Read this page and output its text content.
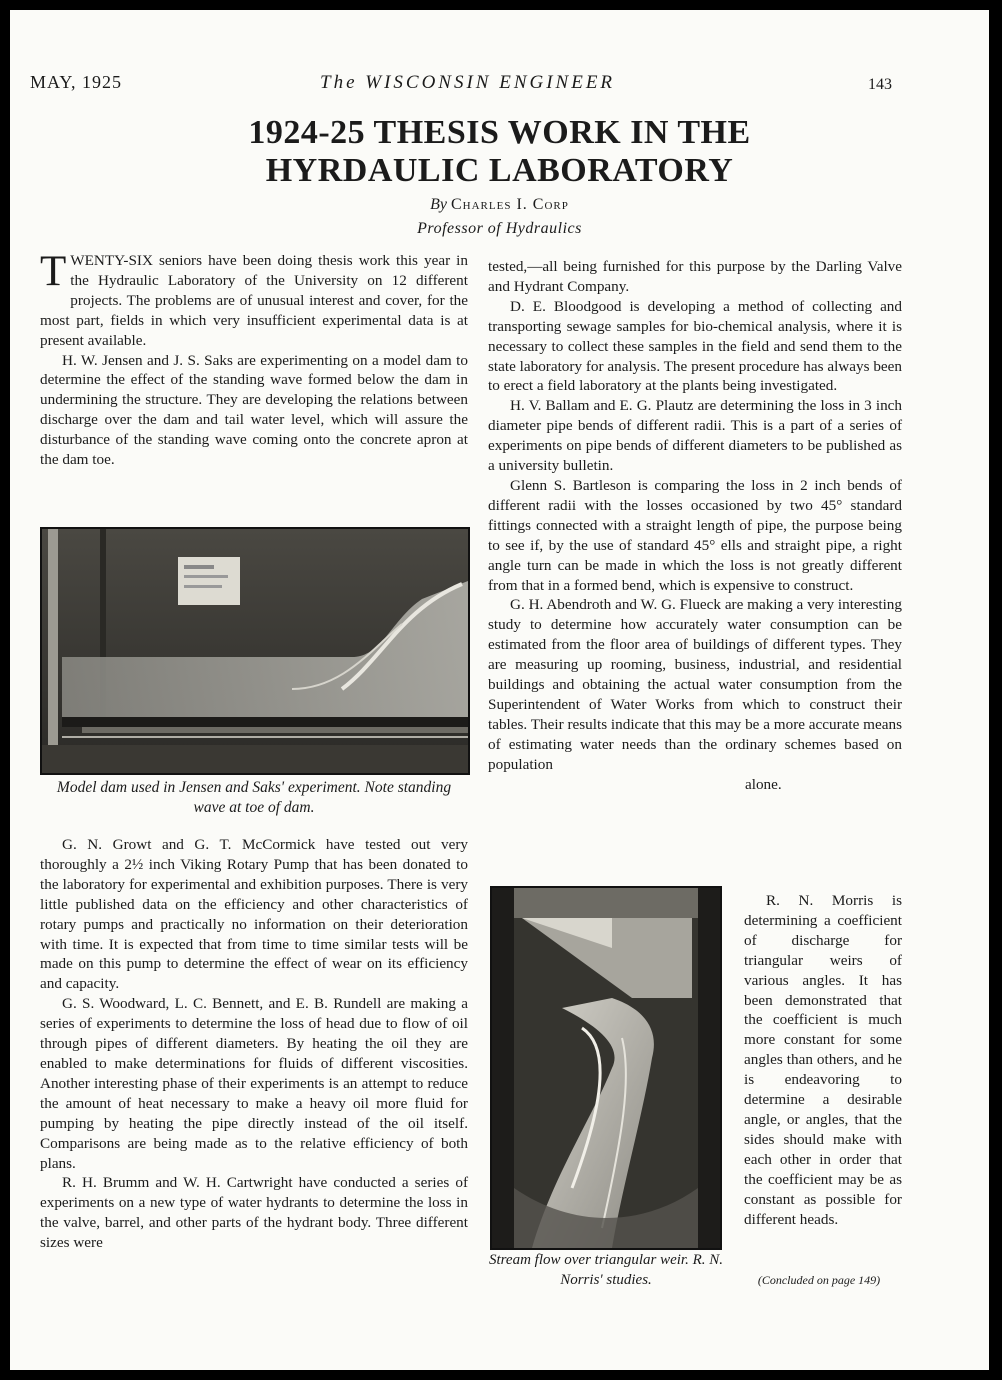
MAY, 1925	The WISCONSIN ENGINEER	143
1924-25 THESIS WORK IN THE
HYRDAULIC LABORATORY
By Charles I. Corp
Professor of Hydraulics

TWENTY-SIX seniors have been doing thesis work this year in the Hydraulic Laboratory of the University on 12 different projects. The problems are of unusual interest and cover, for the most part, fields in which very insufficient experimental data is at present available.

H. W. Jensen and J. S. Saks are experimenting on a model dam to determine the effect of the standing wave formed below the dam in undermining the structure. They are developing the relations between discharge over the dam and tail water level, which will assure the disturbance of the standing wave coming onto the concrete apron at the dam toe.

Model dam used in Jensen and Saks' experiment. Note standing wave at toe of dam.

G. N. Growt and G. T. McCormick have tested out very thoroughly a 2½ inch Viking Rotary Pump that has been donated to the laboratory for experimental and exhibition purposes. There is very little published data on the efficiency and other characteristics of rotary pumps and practically no information on their deterioration with time. It is expected that from time to time similar tests will be made on this pump to determine the effect of wear on its efficiency and capacity.

G. S. Woodward, L. C. Bennett, and E. B. Rundell are making a series of experiments to determine the loss of head due to flow of oil through pipes of different diameters. By heating the oil they are enabled to make determinations for fluids of different viscosities. Another interesting phase of their experiments is an attempt to reduce the amount of heat necessary to make a heavy oil more fluid for pumping by heating the pipe directly instead of the oil itself. Comparisons are being made as to the relative efficiency of both plans.

R. H. Brumm and W. H. Cartwright have conducted a series of experiments on a new type of water hydrants to determine the loss in the valve, barrel, and other parts of the hydrant body. Three different sizes were

tested,—all being furnished for this purpose by the Darling Valve and Hydrant Company.

D. E. Bloodgood is developing a method of collecting and transporting sewage samples for bio-chemical analysis, where it is necessary to collect these samples in the field and send them to the state laboratory for analysis. The present procedure has always been to erect a field laboratory at the plants being investigated.

H. V. Ballam and E. G. Plautz are determining the loss in 3 inch diameter pipe bends of different radii. This is a part of a series of experiments on pipe bends of different diameters to be published as a university bulletin.

Glenn S. Bartleson is comparing the loss in 2 inch bends of different radii with the losses occasioned by two 45° standard fittings connected with a straight length of pipe, the purpose being to see if, by the use of standard 45° ells and straight pipe, a right angle turn can be made in which the loss is not greatly different from that in a formed bend, which is expensive to construct.

G. H. Abendroth and W. G. Flueck are making a very interesting study to determine how accurately water consumption can be estimated from the floor area of buildings of different types. They are measuring up rooming, business, industrial, and residential buildings and obtaining the actual water consumption from the Superintendent of Water Works from which to construct their tables. Their results indicate that this may be a more accurate means of estimating water needs than the ordinary schemes based on population

alone.

R. N. Morris is determining a coefficient of discharge for triangular weirs of various angles. It has been demonstrated that the coefficient is much more constant for some angles than others, and he is endeavoring to determine a desirable angle, or angles, that the sides should make with each other in order that the coefficient may be as constant as possible for different heads.

Stream flow over triangular weir. R. N. Norris' studies.	(Concluded on page 149)
